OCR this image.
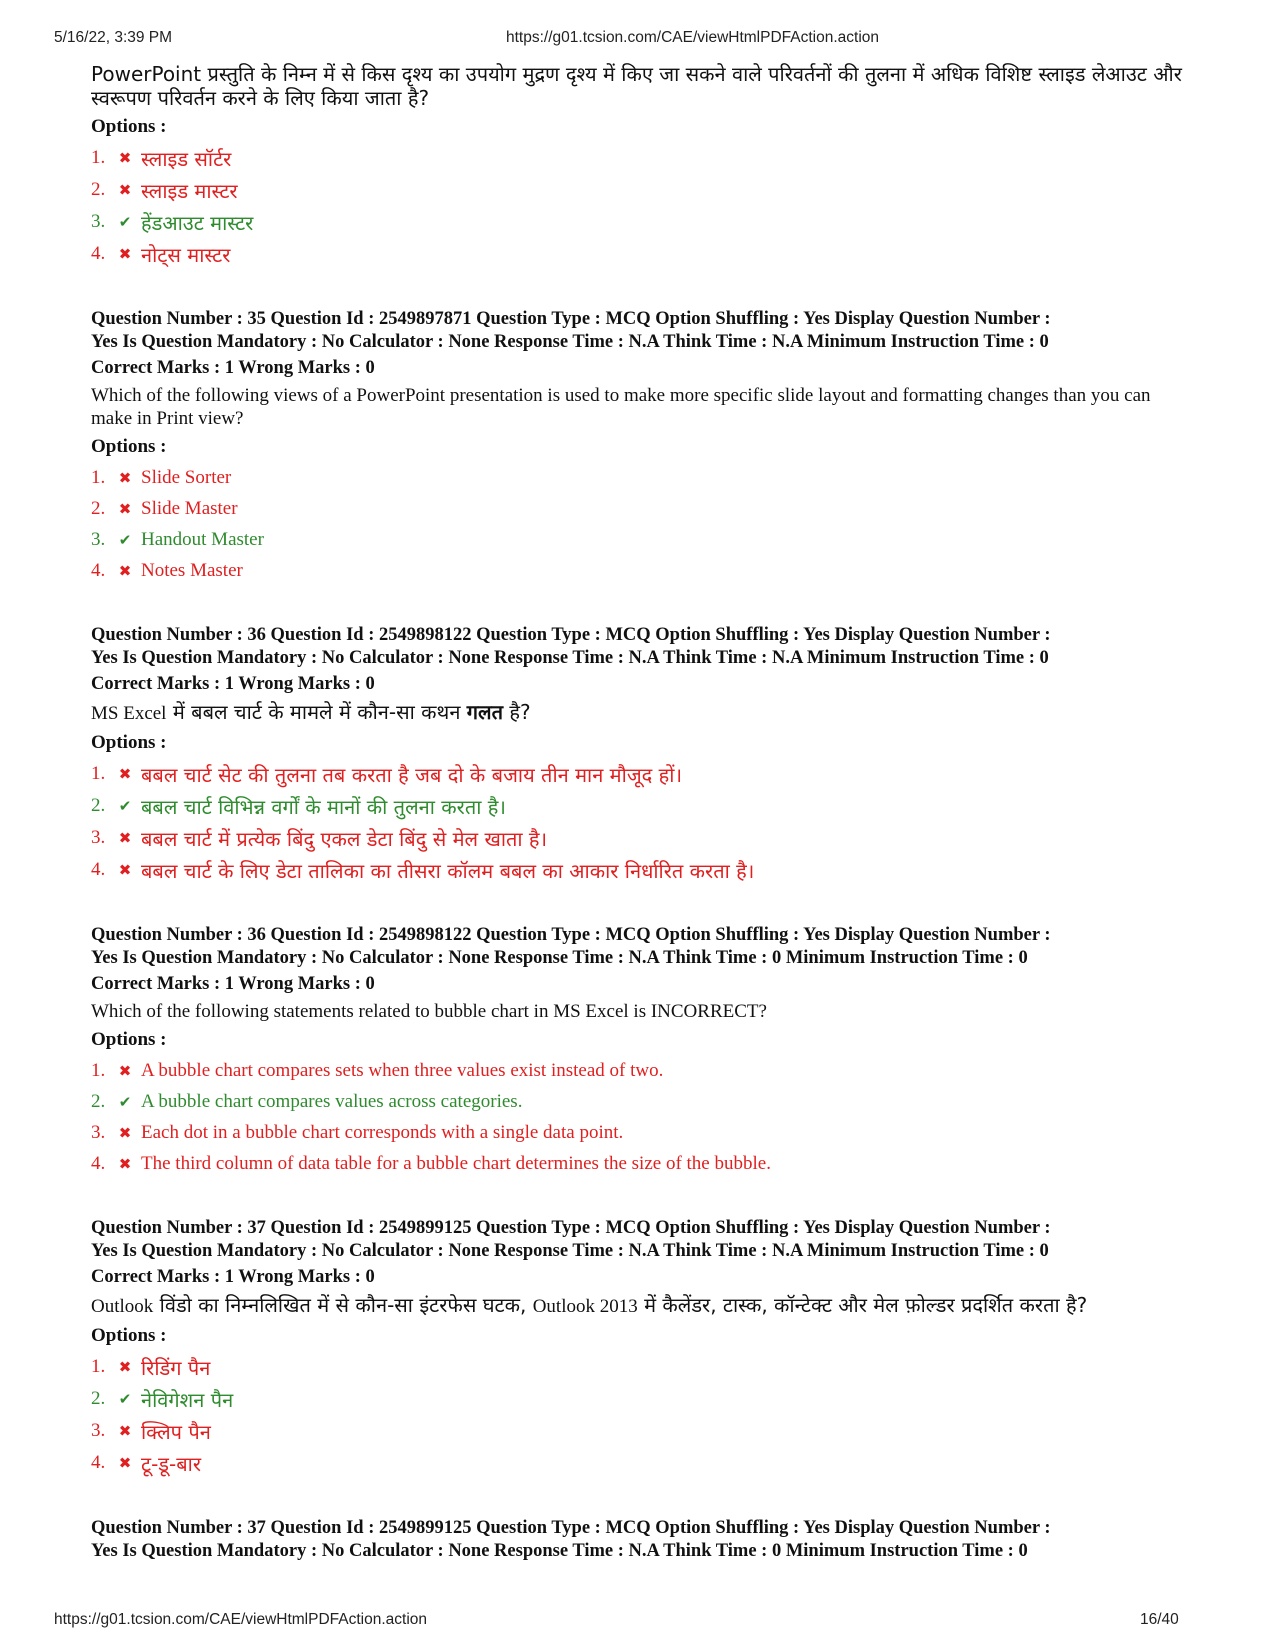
5/16/22, 3:39 PM	https://g01.tcsion.com/CAE/viewHtmlPDFAction.action

PowerPoint प्रस्तुति के निम्न में से किस दृश्य का उपयोग मुद्रण दृश्य में किए जा सकने वाले परिवर्तनों की तुलना में अधिक विशिष्ट स्लाइड लेआउट और स्वरूपण परिवर्तन करने के लिए किया जाता है?

Options :
1. ✖ स्लाइड सॉर्टर
2. ✖ स्लाइड मास्टर
3. ✔ हेंडआउट मास्टर
4. ✖ नोट्स मास्टर

Question Number : 35 Question Id : 2549897871 Question Type : MCQ Option Shuffling : Yes Display Question Number :

Yes Is Question Mandatory : No Calculator : None Response Time : N.A Think Time : N.A Minimum Instruction Time : 0

Correct Marks : 1 Wrong Marks : 0

Which of the following views of a PowerPoint presentation is used to make more specific slide layout and formatting changes than you can make in Print view?

Options :
1. ✖ Slide Sorter
2. ✖ Slide Master
3. ✔ Handout Master
4. ✖ Notes Master

Question Number : 36 Question Id : 2549898122 Question Type : MCQ Option Shuffling : Yes Display Question Number :

Yes Is Question Mandatory : No Calculator : None Response Time : N.A Think Time : N.A Minimum Instruction Time : 0

Correct Marks : 1 Wrong Marks : 0

MS Excel में बबल चार्ट के मामले में कौन-सा कथन गलत है?

Options :
1. ✖ बबल चार्ट सेट की तुलना तब करता है जब दो के बजाय तीन मान मौजूद हों।
2. ✔ बबल चार्ट विभिन्न वर्गों के मानों की तुलना करता है।
3. ✖ बबल चार्ट में प्रत्येक बिंदु एकल डेटा बिंदु से मेल खाता है।
4. ✖ बबल चार्ट के लिए डेटा तालिका का तीसरा कॉलम बबल का आकार निर्धारित करता है।

Question Number : 36 Question Id : 2549898122 Question Type : MCQ Option Shuffling : Yes Display Question Number :

Yes Is Question Mandatory : No Calculator : None Response Time : N.A Think Time : 0 Minimum Instruction Time : 0

Correct Marks : 1 Wrong Marks : 0

Which of the following statements related to bubble chart in MS Excel is INCORRECT?

Options :
1. ✖ A bubble chart compares sets when three values exist instead of two.
2. ✔ A bubble chart compares values across categories.
3. ✖ Each dot in a bubble chart corresponds with a single data point.
4. ✖ The third column of data table for a bubble chart determines the size of the bubble.

Question Number : 37 Question Id : 2549899125 Question Type : MCQ Option Shuffling : Yes Display Question Number :

Yes Is Question Mandatory : No Calculator : None Response Time : N.A Think Time : N.A Minimum Instruction Time : 0

Correct Marks : 1 Wrong Marks : 0

Outlook विंडो का निम्नलिखित में से कौन-सा इंटरफेस घटक, Outlook 2013 में कैलेंडर, टास्क, कॉन्टेक्ट और मेल फ़ोल्डर प्रदर्शित करता है?

Options :
1. ✖ रिडिंग पैन
2. ✔ नेविगेशन पैन
3. ✖ क्लिप पैन
4. ✖ टू-डू-बार

Question Number : 37 Question Id : 2549899125 Question Type : MCQ Option Shuffling : Yes Display Question Number :

Yes Is Question Mandatory : No Calculator : None Response Time : N.A Think Time : 0 Minimum Instruction Time : 0

https://g01.tcsion.com/CAE/viewHtmlPDFAction.action	16/40
